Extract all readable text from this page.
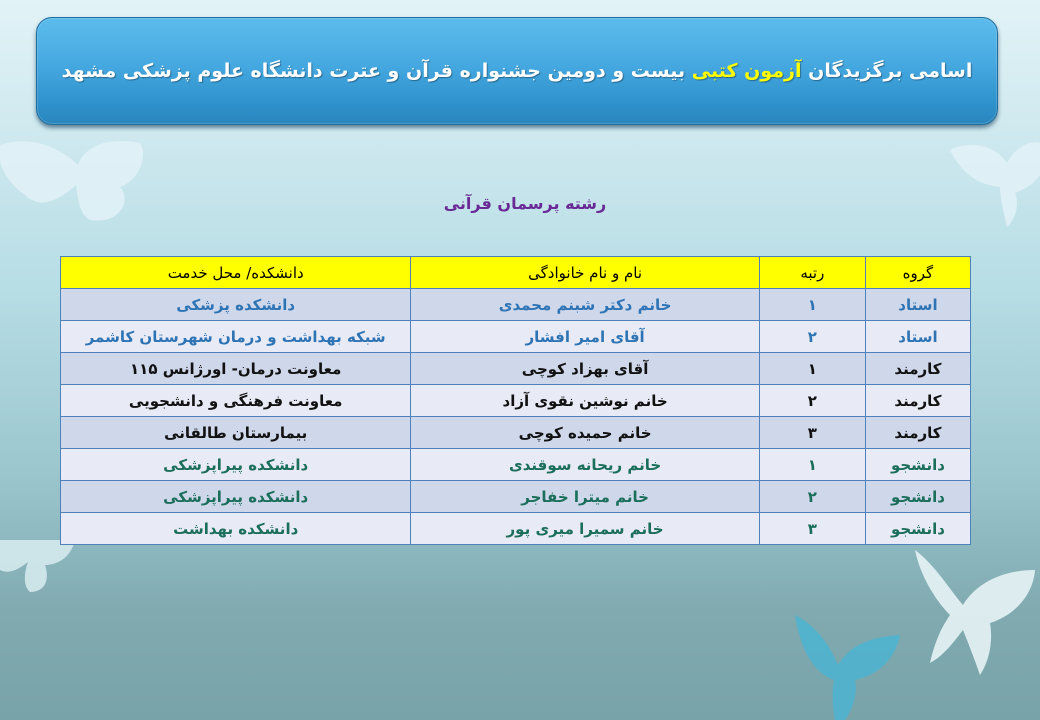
اسامی برگزیدگان آزمون کتبی بیست و دومین جشنواره قرآن و عترت دانشگاه علوم پزشکی مشهد
رشته پرسمان قرآنی
گروه	رتبه	نام و نام خانوادگی	دانشکده/ محل خدمت
استاد	۱	خانم دکتر شبنم محمدی	دانشکده پزشکی
استاد	۲	آقای امیر افشار	شبکه بهداشت و درمان شهرستان کاشمر
کارمند	۱	آقای بهزاد کوچی	معاونت درمان- اورژانس ۱۱۵
کارمند	۲	خانم نوشین نقوی آزاد	معاونت فرهنگی و دانشجویی
کارمند	۳	خانم حمیده کوچی	بیمارستان طالقانی
دانشجو	۱	خانم ریحانه سوقندی	دانشکده پیراپزشکی
دانشجو	۲	خانم میترا خفاجر	دانشکده پیراپزشکی
دانشجو	۳	خانم سمیرا میری پور	دانشکده بهداشت
